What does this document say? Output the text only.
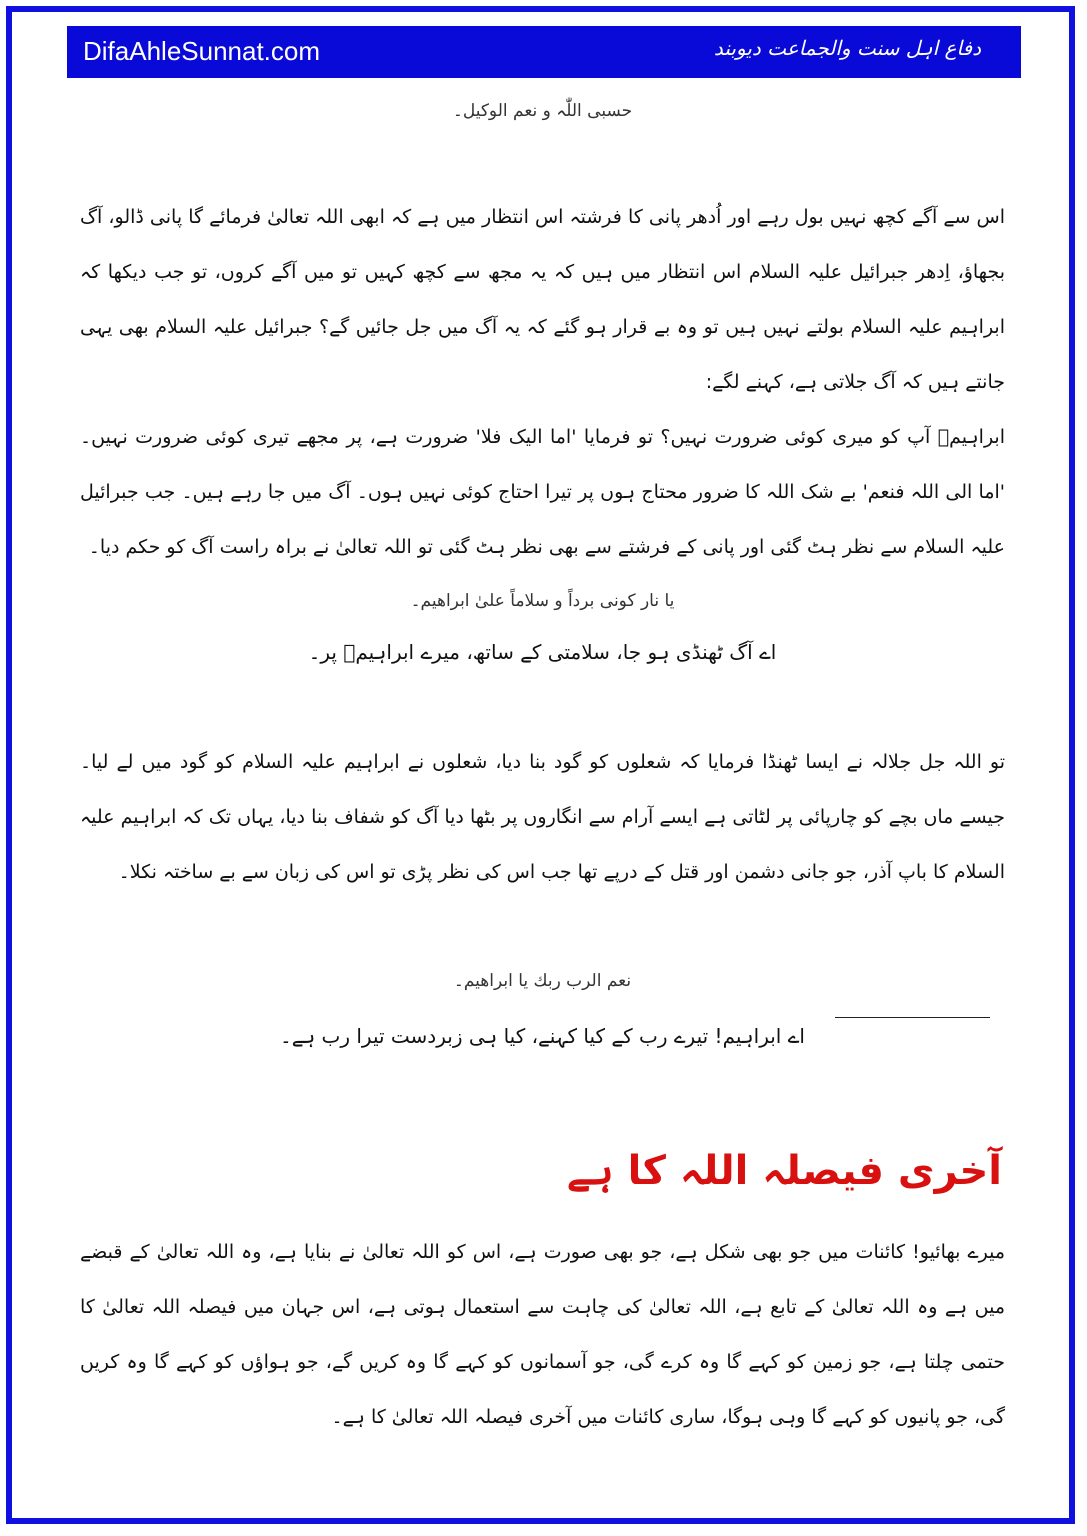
DifaAhleSunnat.com	دفاع اہل سنت والجماعت دیوبند
حسبی اللّٰہ و نعم الوکیل۔
اس سے آگے کچھ نہیں بول رہے اور اُدھر پانی کا فرشتہ اس انتظار میں ہے کہ ابھی اللہ تعالیٰ فرمائے گا پانی ڈالو، آگ بجھاؤ، اِدھر جبرائیل علیہ السلام اس انتظار میں ہیں کہ یہ مجھ سے کچھ کہیں تو میں آگے کروں، تو جب دیکھا کہ ابراہیم علیہ السلام بولتے نہیں ہیں تو وہ بے قرار ہو گئے کہ یہ آگ میں جل جائیں گے؟ جبرائیل علیہ السلام بھی یہی جانتے ہیں کہ آگ جلاتی ہے، کہنے لگے:
ابراہیمؑ آپ کو میری کوئی ضرورت نہیں؟ تو فرمایا 'اما الیک فلا' ضرورت ہے، پر مجھے تیری کوئی ضرورت نہیں۔ 'اما الی اللہ فنعم' بے شک اللہ کا ضرور محتاج ہوں پر تیرا احتاج کوئی نہیں ہوں۔ آگ میں جا رہے ہیں۔ جب جبرائیل علیہ السلام سے نظر ہٹ گئی اور پانی کے فرشتے سے بھی نظر ہٹ گئی تو اللہ تعالیٰ نے براہ راست آگ کو حکم دیا۔
یا نار کونی برداً و سلاماً علیٰ ابراھیم۔
اے آگ ٹھنڈی ہو جا، سلامتی کے ساتھ، میرے ابراہیمؑ پر۔
تو اللہ جل جلالہ نے ایسا ٹھنڈا فرمایا کہ شعلوں کو گود بنا دیا، شعلوں نے ابراہیم علیہ السلام کو گود میں لے لیا۔ جیسے ماں بچے کو چارپائی پر لٹاتی ہے ایسے آرام سے انگاروں پر بٹھا دیا آگ کو شفاف بنا دیا، یہاں تک کہ ابراہیم علیہ السلام کا باپ آذر، جو جانی دشمن اور قتل کے درپے تھا جب اس کی نظر پڑی تو اس کی زبان سے بے ساختہ نکلا۔
نعم الرب ربك یا ابراھیم۔
اے ابراہیم! تیرے رب کے کیا کہنے، کیا ہی زبردست تیرا رب ہے۔
آخری فیصلہ اللہ کا ہے
میرے بھائیو! کائنات میں جو بھی شکل ہے، جو بھی صورت ہے، اس کو اللہ تعالیٰ نے بنایا ہے، وہ اللہ تعالیٰ کے قبضے میں ہے وہ اللہ تعالیٰ کے تابع ہے، اللہ تعالیٰ کی چاہت سے استعمال ہوتی ہے، اس جہان میں فیصلہ اللہ تعالیٰ کا حتمی چلتا ہے، جو زمین کو کہے گا وہ کرے گی، جو آسمانوں کو کہے گا وہ کریں گے، جو ہواؤں کو کہے گا وہ کریں گی، جو پانیوں کو کہے گا وہی ہوگا، ساری کائنات میں آخری فیصلہ اللہ تعالیٰ کا ہے۔
